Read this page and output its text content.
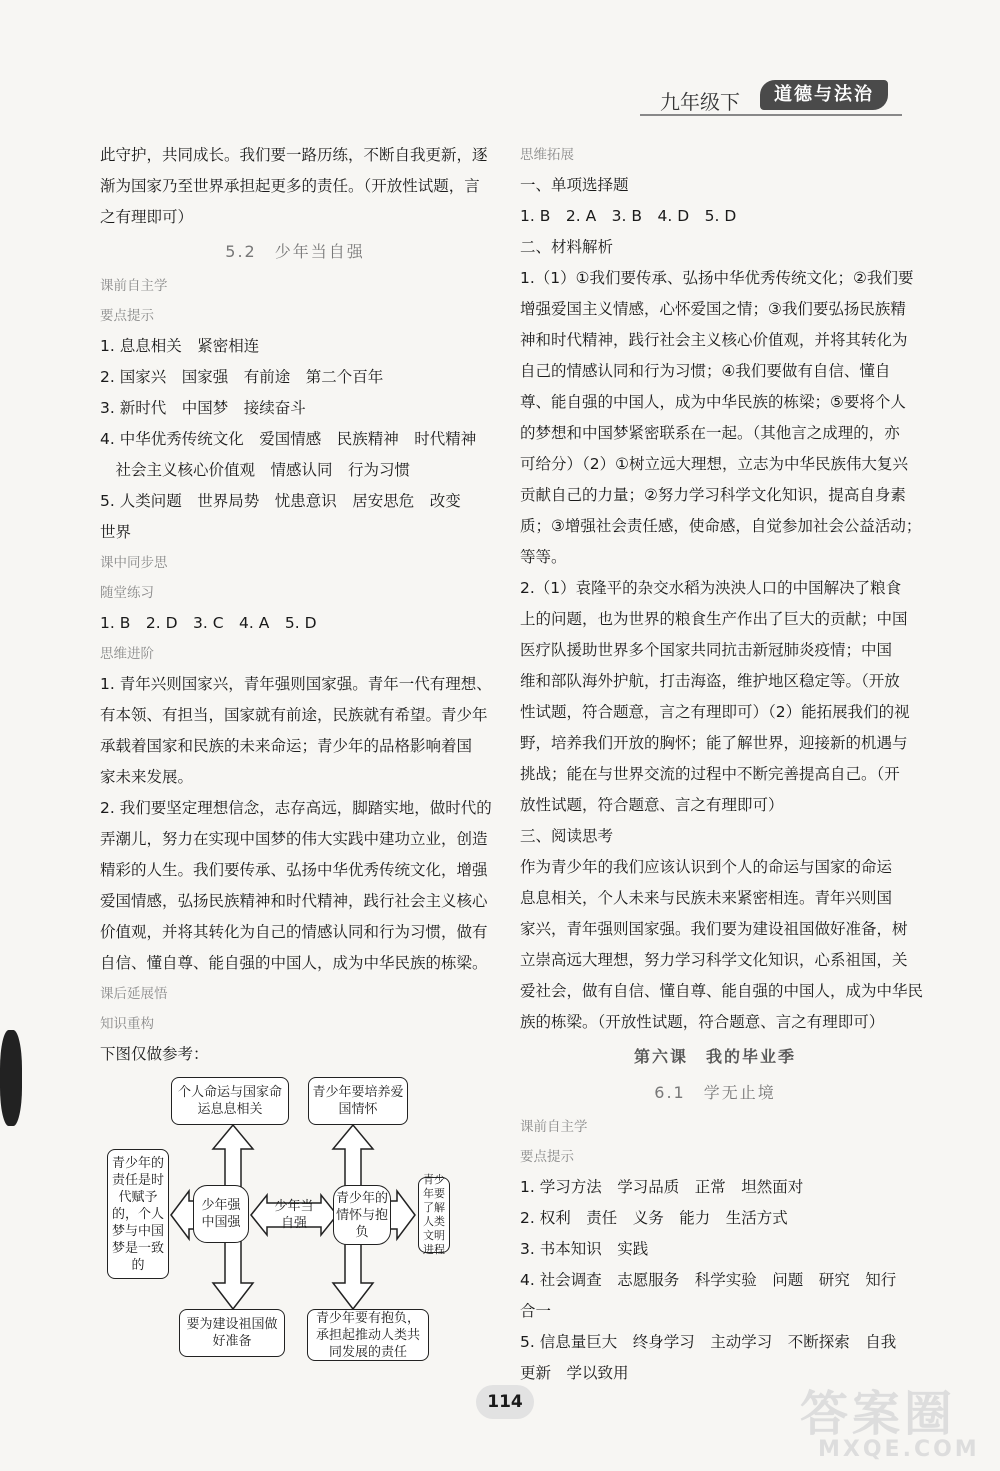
九年级下	道德与法治
此守护，共同成长。我们要一路历练，不断自我更新，逐
渐为国家乃至世界承担起更多的责任。（开放性试题，言
之有理即可）
5.2　少年当自强
课前自主学
要点提示
1. 息息相关　紧密相连
2. 国家兴　国家强　有前途　第二个百年
3. 新时代　中国梦　接续奋斗
4. 中华优秀传统文化　爱国情感　民族精神　时代精神
　社会主义核心价值观　情感认同　行为习惯
5. 人类问题　世界局势　忧患意识　居安思危　改变
世界
课中同步思
随堂练习
1. B　2. D　3. C　4. A　5. D
思维进阶
1. 青年兴则国家兴，青年强则国家强。青年一代有理想、
有本领、有担当，国家就有前途，民族就有希望。青少年
承载着国家和民族的未来命运；青少年的品格影响着国
家未来发展。
2. 我们要坚定理想信念，志存高远，脚踏实地，做时代的
弄潮儿，努力在实现中国梦的伟大实践中建功立业，创造
精彩的人生。我们要传承、弘扬中华优秀传统文化，增强
爱国情感，弘扬民族精神和时代精神，践行社会主义核心
价值观，并将其转化为自己的情感认同和行为习惯，做有
自信、懂自尊、能自强的中国人，成为中华民族的栋梁。
课后延展悟
知识重构
下图仅做参考：
个人命运与国家命运息息相关
青少年要培养爱国情怀
青少年的责任是时代赋予的，个人梦与中国梦是一致的
少年强中国强
少年当自强
青少年的情怀与抱负
青少年要了解人类文明进程
要为建设祖国做好准备
青少年要有抱负，承担起推动人类共同发展的责任
思维拓展
一、单项选择题
1. B　2. A　3. B　4. D　5. D
二、材料解析
1.（1）①我们要传承、弘扬中华优秀传统文化；②我们要
增强爱国主义情感，心怀爱国之情；③我们要弘扬民族精
神和时代精神，践行社会主义核心价值观，并将其转化为
自己的情感认同和行为习惯；④我们要做有自信、懂自
尊、能自强的中国人，成为中华民族的栋梁；⑤要将个人
的梦想和中国梦紧密联系在一起。（其他言之成理的，亦
可给分）（2）①树立远大理想，立志为中华民族伟大复兴
贡献自己的力量；②努力学习科学文化知识，提高自身素
质；③增强社会责任感，使命感，自觉参加社会公益活动；
等等。
2.（1）袁隆平的杂交水稻为泱泱人口的中国解决了粮食
上的问题，也为世界的粮食生产作出了巨大的贡献；中国
医疗队援助世界多个国家共同抗击新冠肺炎疫情；中国
维和部队海外护航，打击海盗，维护地区稳定等。（开放
性试题，符合题意，言之有理即可）（2）能拓展我们的视
野，培养我们开放的胸怀；能了解世界，迎接新的机遇与
挑战；能在与世界交流的过程中不断完善提高自己。（开
放性试题，符合题意、言之有理即可）
三、阅读思考
作为青少年的我们应该认识到个人的命运与国家的命运
息息相关，个人未来与民族未来紧密相连。青年兴则国
家兴，青年强则国家强。我们要为建设祖国做好准备，树
立崇高远大理想，努力学习科学文化知识，心系祖国，关
爱社会，做有自信、懂自尊、能自强的中国人，成为中华民
族的栋梁。（开放性试题，符合题意、言之有理即可）
第六课　我的毕业季
6.1　学无止境
课前自主学
要点提示
1. 学习方法　学习品质　正常　坦然面对
2. 权利　责任　义务　能力　生活方式
3. 书本知识　实践
4. 社会调查　志愿服务　科学实验　问题　研究　知行
合一
5. 信息量巨大　终身学习　主动学习　不断探索　自我
更新　学以致用
114	答案圈
MXQE.COM
